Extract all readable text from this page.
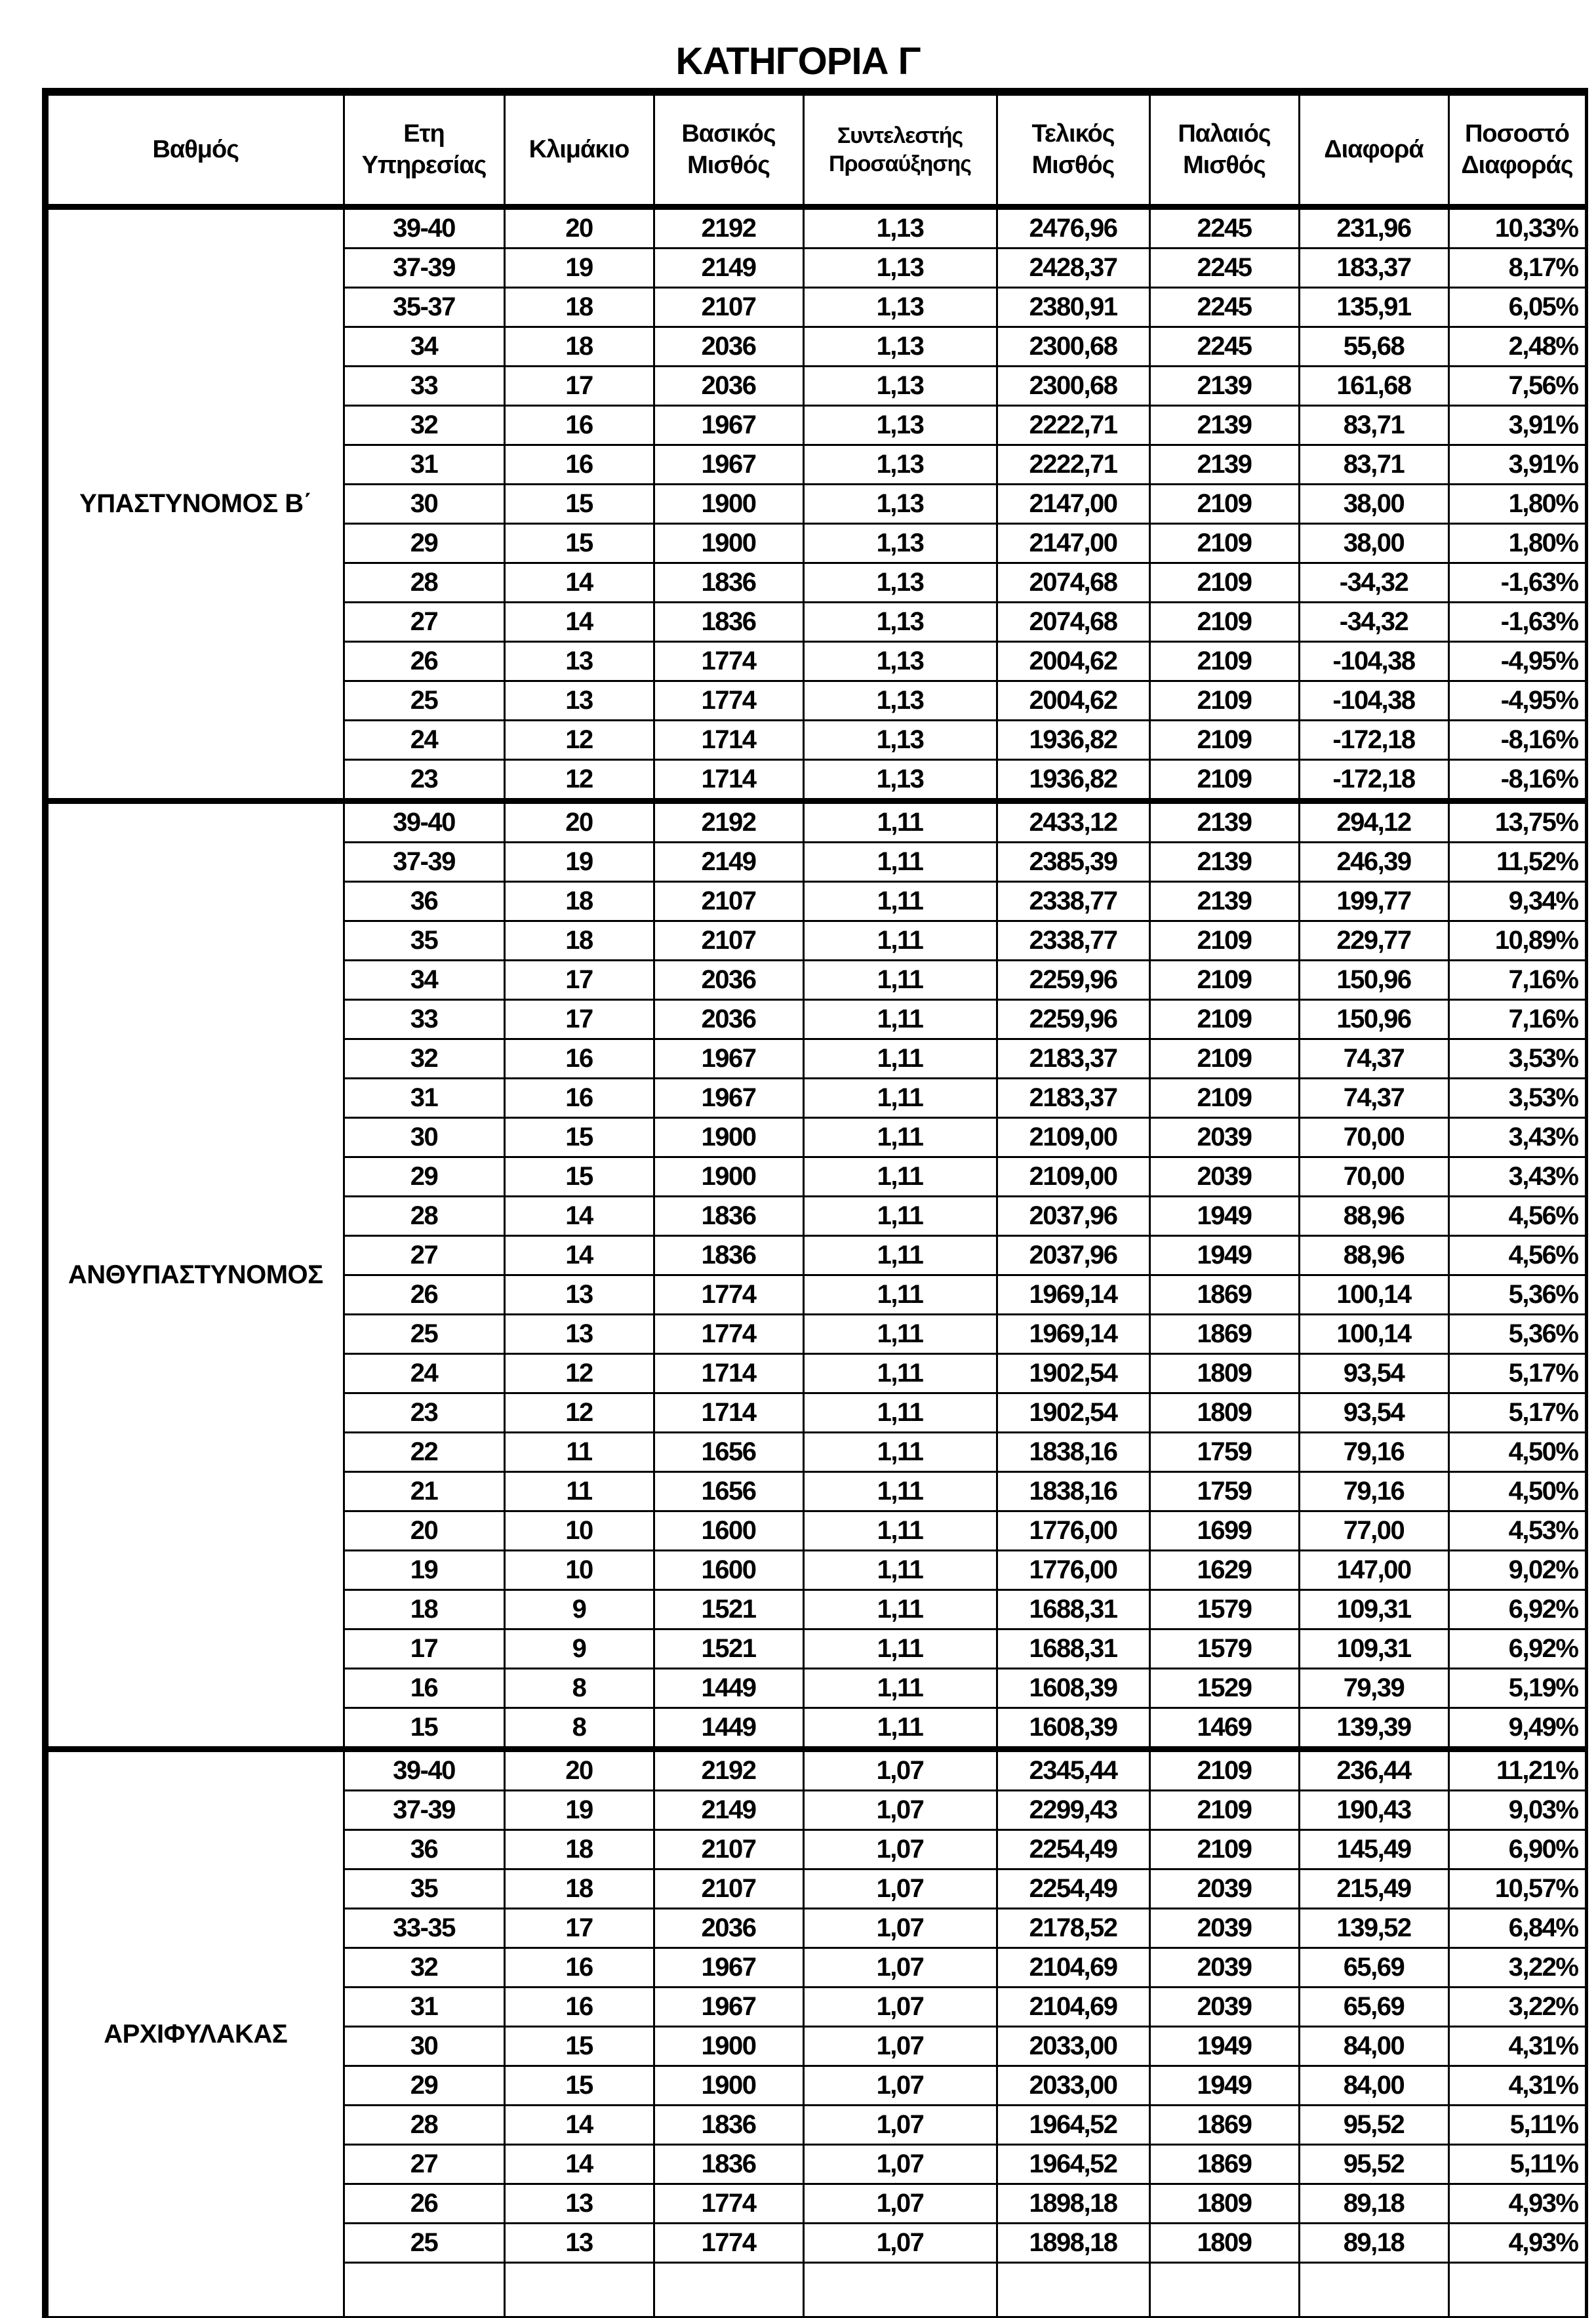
ΚΑΤΗΓΟΡΙΑ Γ
Βαθμός	Ετη Υπηρεσίας	Κλιμάκιο	Βασικός Μισθός	Συντελεστής Προσαύξησης	Τελικός Μισθός	Παλαιός Μισθός	Διαφορά	Ποσοστό Διαφοράς
ΥΠΑΣΤΥΝΟΜΟΣ Β΄	39-40	20	2192	1,13	2476,96	2245	231,96	10,33%
	37-39	19	2149	1,13	2428,37	2245	183,37	8,17%
	35-37	18	2107	1,13	2380,91	2245	135,91	6,05%
	34	18	2036	1,13	2300,68	2245	55,68	2,48%
	33	17	2036	1,13	2300,68	2139	161,68	7,56%
	32	16	1967	1,13	2222,71	2139	83,71	3,91%
	31	16	1967	1,13	2222,71	2139	83,71	3,91%
	30	15	1900	1,13	2147,00	2109	38,00	1,80%
	29	15	1900	1,13	2147,00	2109	38,00	1,80%
	28	14	1836	1,13	2074,68	2109	-34,32	-1,63%
	27	14	1836	1,13	2074,68	2109	-34,32	-1,63%
	26	13	1774	1,13	2004,62	2109	-104,38	-4,95%
	25	13	1774	1,13	2004,62	2109	-104,38	-4,95%
	24	12	1714	1,13	1936,82	2109	-172,18	-8,16%
	23	12	1714	1,13	1936,82	2109	-172,18	-8,16%
ΑΝΘΥΠΑΣΤΥΝΟΜΟΣ	39-40	20	2192	1,11	2433,12	2139	294,12	13,75%
	37-39	19	2149	1,11	2385,39	2139	246,39	11,52%
	36	18	2107	1,11	2338,77	2139	199,77	9,34%
	35	18	2107	1,11	2338,77	2109	229,77	10,89%
	34	17	2036	1,11	2259,96	2109	150,96	7,16%
	33	17	2036	1,11	2259,96	2109	150,96	7,16%
	32	16	1967	1,11	2183,37	2109	74,37	3,53%
	31	16	1967	1,11	2183,37	2109	74,37	3,53%
	30	15	1900	1,11	2109,00	2039	70,00	3,43%
	29	15	1900	1,11	2109,00	2039	70,00	3,43%
	28	14	1836	1,11	2037,96	1949	88,96	4,56%
	27	14	1836	1,11	2037,96	1949	88,96	4,56%
	26	13	1774	1,11	1969,14	1869	100,14	5,36%
	25	13	1774	1,11	1969,14	1869	100,14	5,36%
	24	12	1714	1,11	1902,54	1809	93,54	5,17%
	23	12	1714	1,11	1902,54	1809	93,54	5,17%
	22	11	1656	1,11	1838,16	1759	79,16	4,50%
	21	11	1656	1,11	1838,16	1759	79,16	4,50%
	20	10	1600	1,11	1776,00	1699	77,00	4,53%
	19	10	1600	1,11	1776,00	1629	147,00	9,02%
	18	9	1521	1,11	1688,31	1579	109,31	6,92%
	17	9	1521	1,11	1688,31	1579	109,31	6,92%
	16	8	1449	1,11	1608,39	1529	79,39	5,19%
	15	8	1449	1,11	1608,39	1469	139,39	9,49%
ΑΡΧΙΦΥΛΑΚΑΣ	39-40	20	2192	1,07	2345,44	2109	236,44	11,21%
	37-39	19	2149	1,07	2299,43	2109	190,43	9,03%
	36	18	2107	1,07	2254,49	2109	145,49	6,90%
	35	18	2107	1,07	2254,49	2039	215,49	10,57%
	33-35	17	2036	1,07	2178,52	2039	139,52	6,84%
	32	16	1967	1,07	2104,69	2039	65,69	3,22%
	31	16	1967	1,07	2104,69	2039	65,69	3,22%
	30	15	1900	1,07	2033,00	1949	84,00	4,31%
	29	15	1900	1,07	2033,00	1949	84,00	4,31%
	28	14	1836	1,07	1964,52	1869	95,52	5,11%
	27	14	1836	1,07	1964,52	1869	95,52	5,11%
	26	13	1774	1,07	1898,18	1809	89,18	4,93%
	25	13	1774	1,07	1898,18	1809	89,18	4,93%
